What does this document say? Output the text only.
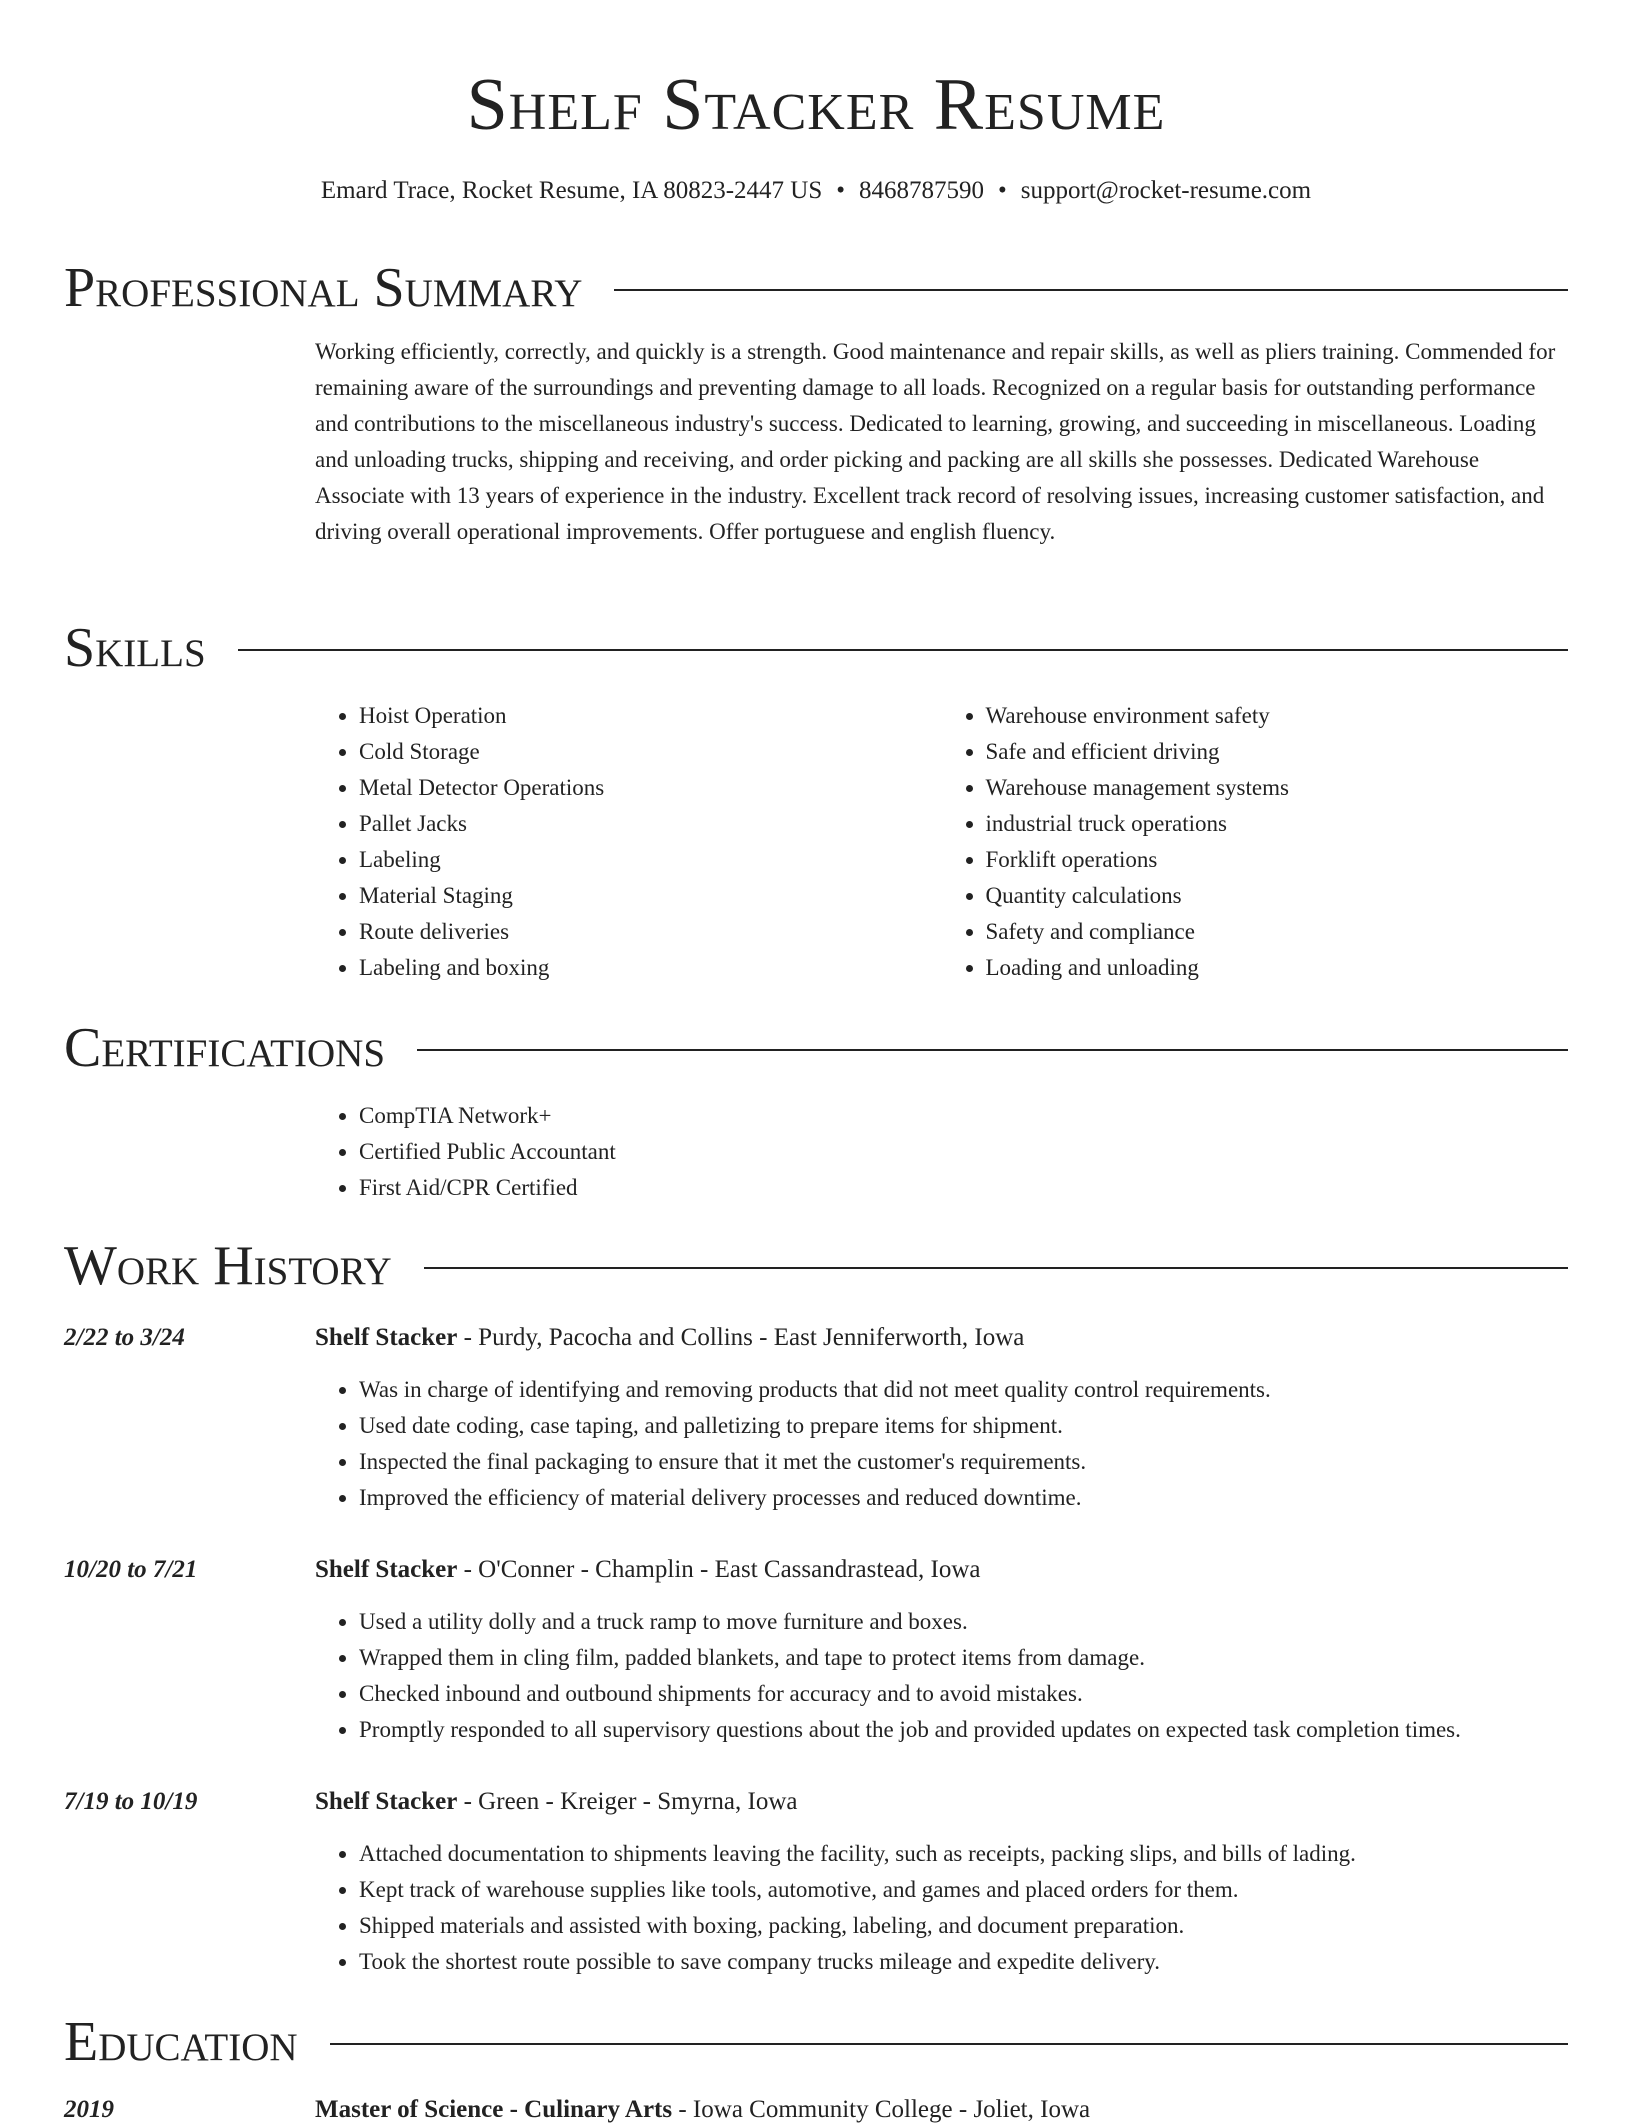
Shelf Stacker Resume
Emard Trace, Rocket Resume, IA 80823-2447 US • 8468787590 • support@rocket-resume.com
Professional Summary

Working efficiently, correctly, and quickly is a strength. Good maintenance and repair skills, as well as pliers training. Commended for remaining aware of the surroundings and preventing damage to all loads. Recognized on a regular basis for outstanding performance and contributions to the miscellaneous industry's success. Dedicated to learning, growing, and succeeding in miscellaneous. Loading and unloading trucks, shipping and receiving, and order picking and packing are all skills she possesses. Dedicated Warehouse Associate with 13 years of experience in the industry. Excellent track record of resolving issues, increasing customer satisfaction, and driving overall operational improvements. Offer portuguese and english fluency.

Skills
• Hoist Operation
• Cold Storage
• Metal Detector Operations
• Pallet Jacks
• Labeling
• Material Staging
• Route deliveries
• Labeling and boxing
• Warehouse environment safety
• Safe and efficient driving
• Warehouse management systems
• industrial truck operations
• Forklift operations
• Quantity calculations
• Safety and compliance
• Loading and unloading
Certifications
• CompTIA Network+
• Certified Public Accountant
• First Aid/CPR Certified
Work History
2/22 to 3/24	Shelf Stacker - Purdy, Pacocha and Collins - East Jenniferworth, Iowa
• Was in charge of identifying and removing products that did not meet quality control requirements.
• Used date coding, case taping, and palletizing to prepare items for shipment.
• Inspected the final packaging to ensure that it met the customer's requirements.
• Improved the efficiency of material delivery processes and reduced downtime.
10/20 to 7/21	Shelf Stacker - O'Conner - Champlin - East Cassandrastead, Iowa
• Used a utility dolly and a truck ramp to move furniture and boxes.
• Wrapped them in cling film, padded blankets, and tape to protect items from damage.
• Checked inbound and outbound shipments for accuracy and to avoid mistakes.
• Promptly responded to all supervisory questions about the job and provided updates on expected task completion times.
7/19 to 10/19	Shelf Stacker - Green - Kreiger - Smyrna, Iowa
• Attached documentation to shipments leaving the facility, such as receipts, packing slips, and bills of lading.
• Kept track of warehouse supplies like tools, automotive, and games and placed orders for them.
• Shipped materials and assisted with boxing, packing, labeling, and document preparation.
• Took the shortest route possible to save company trucks mileage and expedite delivery.
Education
2019	Master of Science - Culinary Arts - Iowa Community College - Joliet, Iowa
